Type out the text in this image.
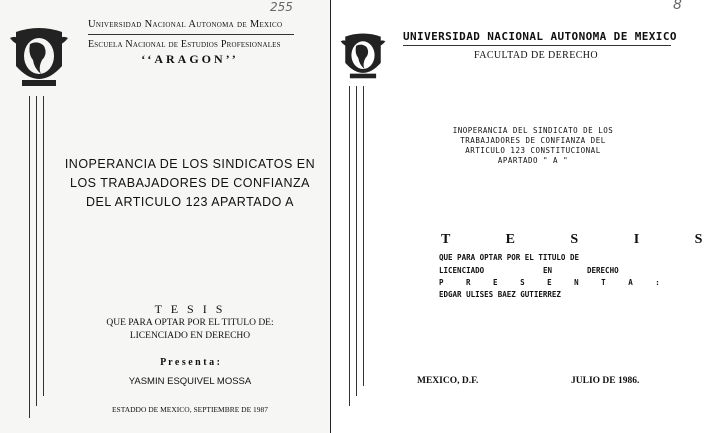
255
Universidad Nacional Autonoma de Mexico
Escuela Nacional de Estudios Profesionales
‘‘ARAGON’’
INOPERANCIA DE LOS SINDICATOS EN
LOS TRABAJADORES DE CONFIANZA
DEL ARTICULO 123 APARTADO A
T E S I S
QUE PARA OPTAR POR EL TITULO DE:
LICENCIADO EN DERECHO
P r e s e n t a :
YASMIN ESQUIVEL MOSSA
ESTADDO DE MEXICO, SEPTIEMBRE DE 1987
8
UNIVERSIDAD NACIONAL AUTONOMA DE MEXICO
FACULTAD DE DERECHO
INOPERANCIA DEL SINDICATO DE LOS
TRABAJADORES DE CONFIANZA DEL
ARTICULO 123 CONSTITUCIONAL
APARTADO " A "
T E S I S
QUE PARA OPTAR POR EL TITULO DE
LICENCIADO	EN	DERECHO
P R E S E N T A :
EDGAR ULISES BAEZ GUTIERREZ
MEXICO, D.F.	JULIO DE 1986.
